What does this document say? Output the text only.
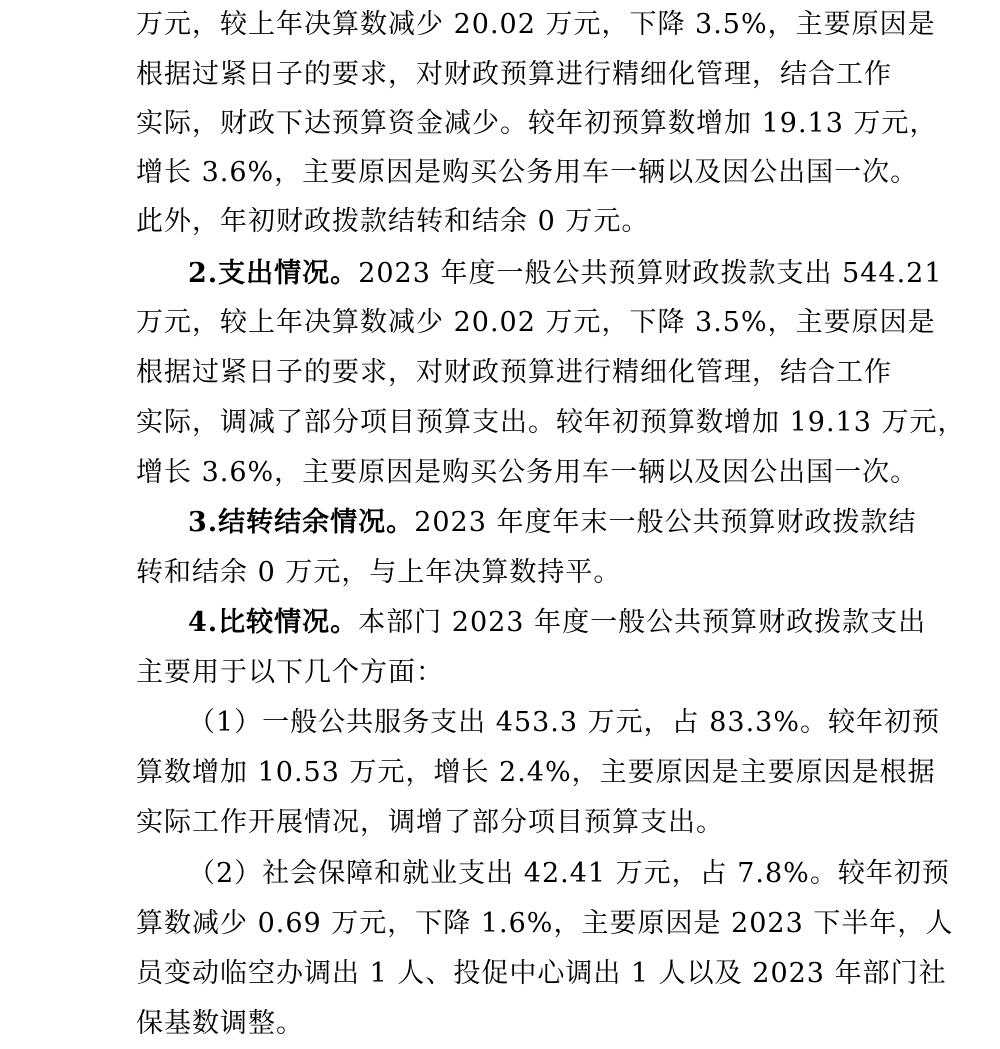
万元，较上年决算数减少 20.02 万元，下降 3.5%，主要原因是
根据过紧日子的要求，对财政预算进行精细化管理，结合工作
实际，财政下达预算资金减少。较年初预算数增加 19.13 万元，
增长 3.6%，主要原因是购买公务用车一辆以及因公出国一次。
此外，年初财政拨款结转和结余 0 万元。
2.支出情况。2023 年度一般公共预算财政拨款支出 544.21
万元，较上年决算数减少 20.02 万元，下降 3.5%，主要原因是
根据过紧日子的要求，对财政预算进行精细化管理，结合工作
实际，调减了部分项目预算支出。较年初预算数增加 19.13 万元，
增长 3.6%，主要原因是购买公务用车一辆以及因公出国一次。
3.结转结余情况。2023 年度年末一般公共预算财政拨款结
转和结余 0 万元，与上年决算数持平。
4.比较情况。本部门 2023 年度一般公共预算财政拨款支出
主要用于以下几个方面：
（1）一般公共服务支出 453.3 万元，占 83.3%。较年初预
算数增加 10.53 万元，增长 2.4%，主要原因是主要原因是根据
实际工作开展情况，调增了部分项目预算支出。
（2）社会保障和就业支出 42.41 万元，占 7.8%。较年初预
算数减少 0.69 万元，下降 1.6%，主要原因是 2023 下半年，人
员变动临空办调出 1 人、投促中心调出 1 人以及 2023 年部门社
保基数调整。
